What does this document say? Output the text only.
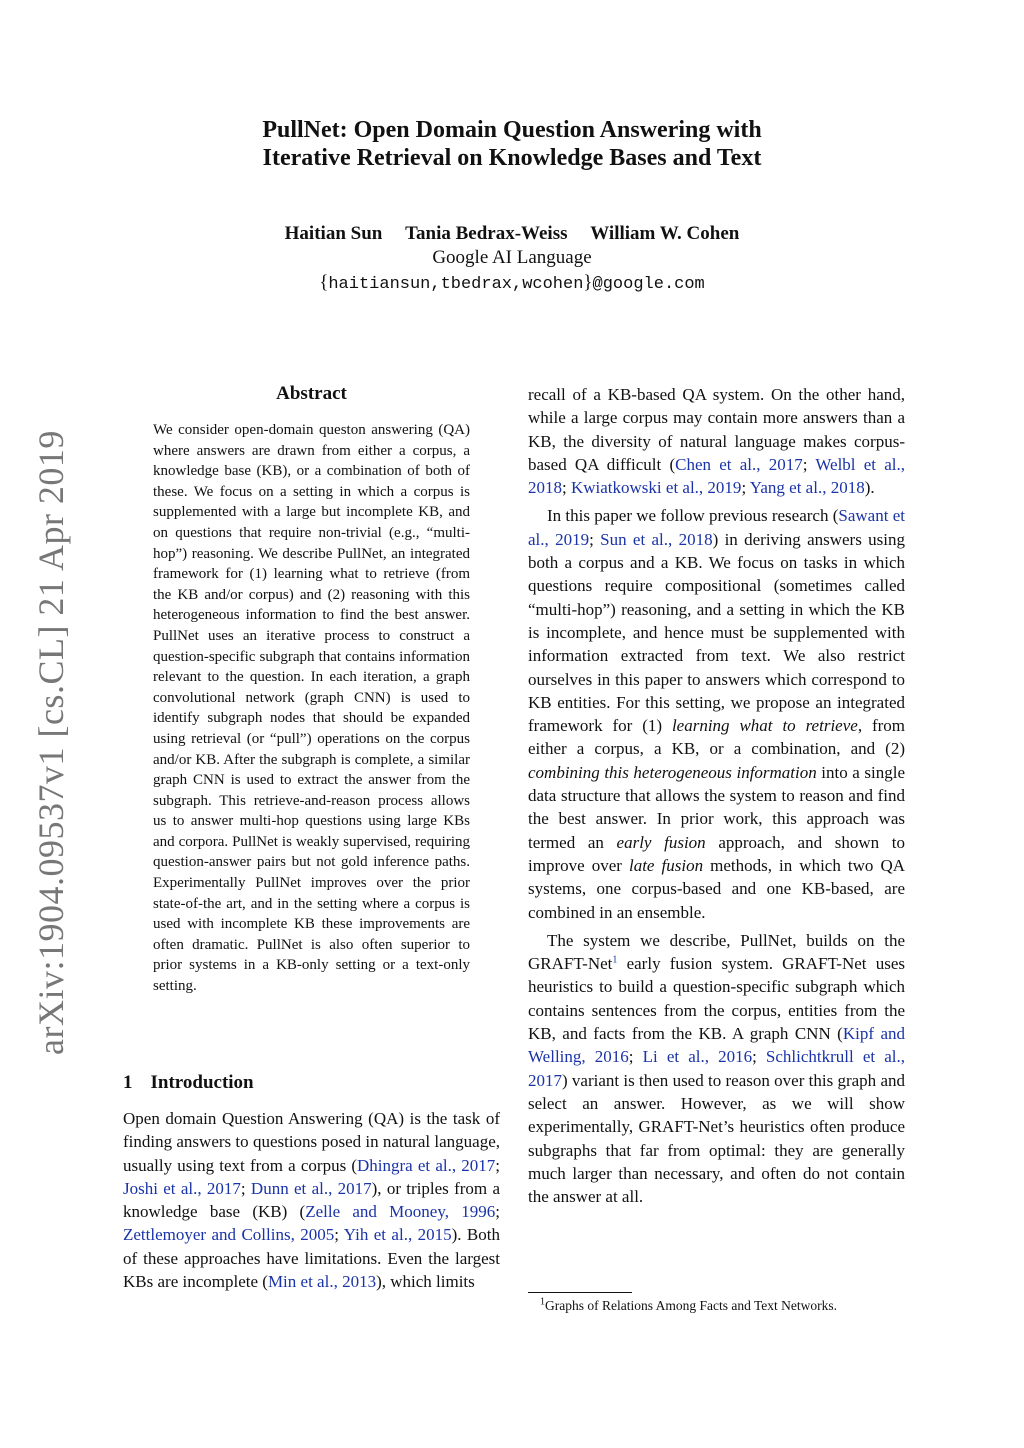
arXiv:1904.09537v1 [cs.CL] 21 Apr 2019
PullNet: Open Domain Question Answering with
Iterative Retrieval on Knowledge Bases and Text
Haitian Sun Tania Bedrax-Weiss William W. Cohen
Google AI Language
{haitiansun,tbedrax,wcohen}@google.com
Abstract

We consider open-domain queston answering (QA) where answers are drawn from either a corpus, a knowledge base (KB), or a combination of both of these. We focus on a setting in which a corpus is supplemented with a large but incomplete KB, and on questions that require non-trivial (e.g., “multi-hop”) reasoning. We describe PullNet, an integrated framework for (1) learning what to retrieve (from the KB and/or corpus) and (2) reasoning with this heterogeneous information to find the best answer. PullNet uses an iterative process to construct a question-specific subgraph that contains information relevant to the question. In each iteration, a graph convolutional network (graph CNN) is used to identify subgraph nodes that should be expanded using retrieval (or “pull”) operations on the corpus and/or KB. After the subgraph is complete, a similar graph CNN is used to extract the answer from the subgraph. This retrieve-and-reason process allows us to answer multi-hop questions using large KBs and corpora. PullNet is weakly supervised, requiring question-answer pairs but not gold inference paths. Experimentally PullNet improves over the prior state-of-the art, and in the setting where a corpus is used with incomplete KB these improvements are often dramatic. PullNet is also often superior to prior systems in a KB-only setting or a text-only setting.

1 Introduction

Open domain Question Answering (QA) is the task of finding answers to questions posed in natural language, usually using text from a corpus (Dhingra et al., 2017; Joshi et al., 2017; Dunn et al., 2017), or triples from a knowledge base (KB) (Zelle and Mooney, 1996; Zettlemoyer and Collins, 2005; Yih et al., 2015). Both of these approaches have limitations. Even the largest KBs are incomplete (Min et al., 2013), which limits

recall of a KB-based QA system. On the other hand, while a large corpus may contain more answers than a KB, the diversity of natural language makes corpus-based QA difficult (Chen et al., 2017; Welbl et al., 2018; Kwiatkowski et al., 2019; Yang et al., 2018).

In this paper we follow previous research (Sawant et al., 2019; Sun et al., 2018) in deriving answers using both a corpus and a KB. We focus on tasks in which questions require compositional (sometimes called “multi-hop”) reasoning, and a setting in which the KB is incomplete, and hence must be supplemented with information extracted from text. We also restrict ourselves in this paper to answers which correspond to KB entities. For this setting, we propose an integrated framework for (1) learning what to retrieve, from either a corpus, a KB, or a combination, and (2) combining this heterogeneous information into a single data structure that allows the system to reason and find the best answer. In prior work, this approach was termed an early fusion approach, and shown to improve over late fusion methods, in which two QA systems, one corpus-based and one KB-based, are combined in an ensemble.

The system we describe, PullNet, builds on the GRAFT-Net$^1$ early fusion system. GRAFT-Net uses heuristics to build a question-specific subgraph which contains sentences from the corpus, entities from the KB, and facts from the KB. A graph CNN (Kipf and Welling, 2016; Li et al., 2016; Schlichtkrull et al., 2017) variant is then used to reason over this graph and select an answer. However, as we will show experimentally, GRAFT-Net’s heuristics often produce subgraphs that far from optimal: they are generally much larger than necessary, and often do not contain the answer at all.

$^1$Graphs of Relations Among Facts and Text Networks.
